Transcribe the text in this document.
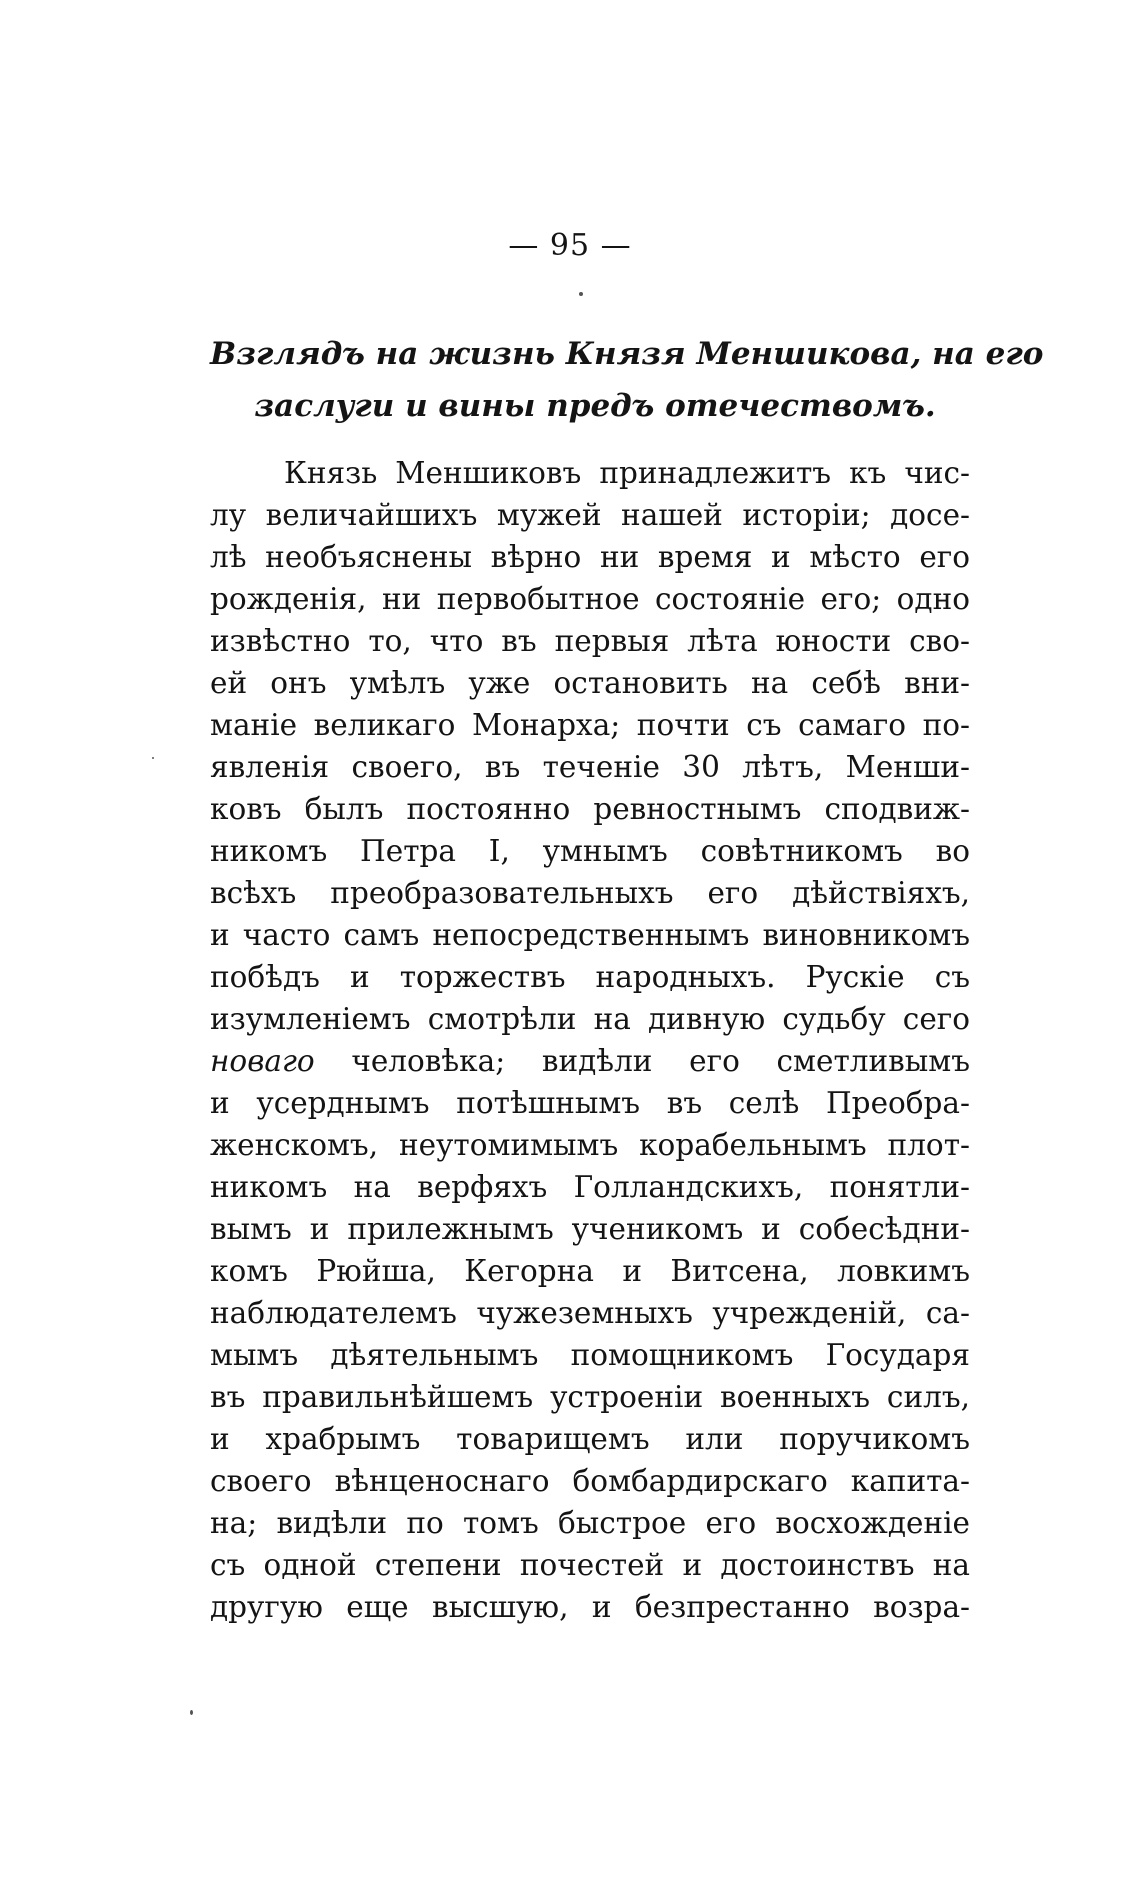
— 95 —
Взглядъ на жизнь Князя Меншикова, на его
заслуги и вины предъ отечествомъ.
Князь Меншиковъ принадлежитъ къ чис-
лу величайшихъ мужей нашей исторіи; досе-
лѣ необъяснены вѣрно ни время и мѣсто его
рожденія, ни первобытное состояніе его; одно
извѣстно то, что въ первыя лѣта юности сво-
ей онъ умѣлъ уже остановить на себѣ вни-
маніе великаго Монарха; почти съ самаго по-
явленія своего, въ теченіе 30 лѣтъ, Менши-
ковъ былъ постоянно ревностнымъ сподвиж-
никомъ Петра I, умнымъ совѣтникомъ во
всѣхъ преобразовательныхъ его дѣйствіяхъ,
и часто самъ непосредственнымъ виновникомъ
побѣдъ и торжествъ народныхъ. Руcкie съ
изумленіемъ смотрѣли на дивную судьбу сего
новаго человѣка; видѣли его сметливымъ
и усерднымъ потѣшнымъ въ селѣ Преобра-
женскомъ, неутомимымъ корабельнымъ плот-
никомъ на верфяхъ Голландскихъ, понятли-
вымъ и прилежнымъ ученикомъ и собесѣдни-
комъ Рюйша, Кегорна и Витсена, ловкимъ
наблюдателемъ чужеземныхъ учрежденій, са-
мымъ дѣятельнымъ помощникомъ Государя
въ правильнѣйшемъ устроеніи военныхъ силъ,
и храбрымъ товарищемъ или поручикомъ
своего вѣнценоснаго бомбардирскаго капита-
на; видѣли по томъ быстрое его восхожденіе
съ одной степени почестей и достоинствъ на
другую еще высшую, и безпрестанно возра-
